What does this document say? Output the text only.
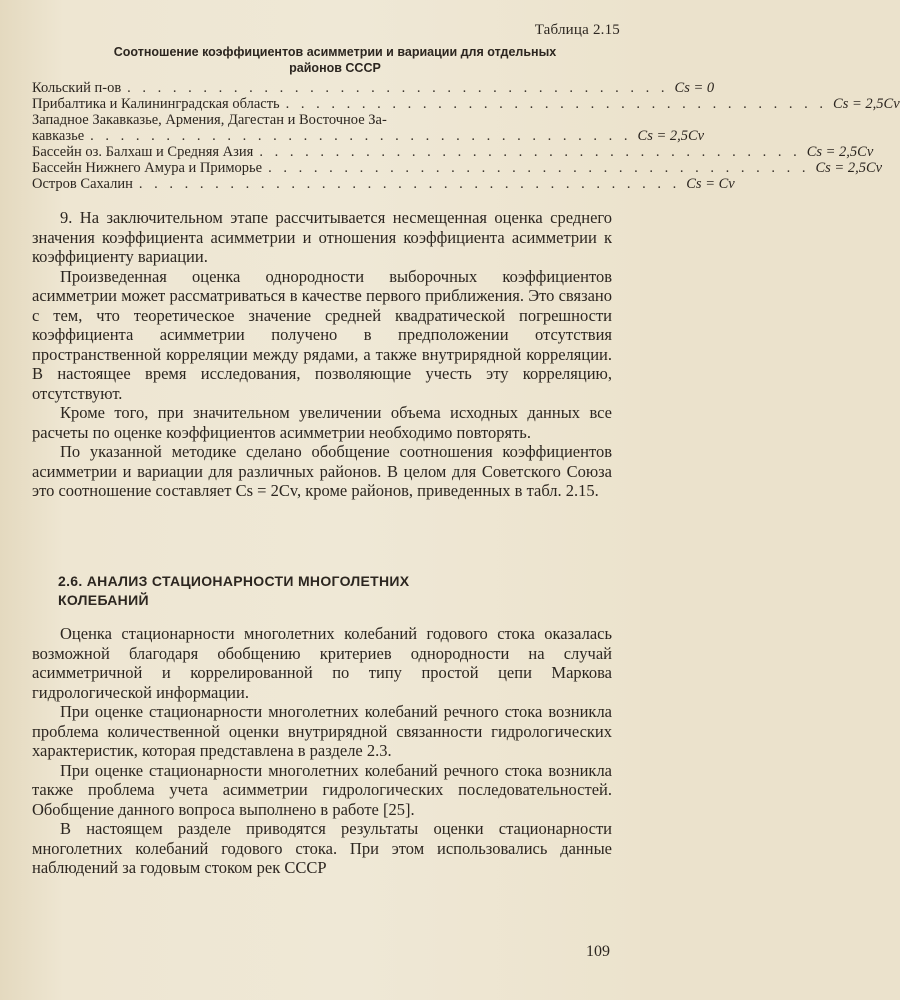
Таблица 2.15
Соотношение коэффициентов асимметрии и вариации для отдельных
районов СССР
Кольский п-ов . . . . . . . . . . . . . . . . . . . . . . . . . . . . . . . . . . . . Cs = 0
Прибалтика и Калининградская область . . . . . . . . . . . . . . . . . . . . . . . . . . . . . . . . . . . . Cs = 2,5Cv
Западное Закавказье, Армения, Дагестан и Восточное За-
кавказье . . . . . . . . . . . . . . . . . . . . . . . . . . . . . . . . . . . . Cs = 2,5Cv
Бассейн оз. Балхаш и Средняя Азия . . . . . . . . . . . . . . . . . . . . . . . . . . . . . . . . . . . . Cs = 2,5Cv
Бассейн Нижнего Амура и Приморье . . . . . . . . . . . . . . . . . . . . . . . . . . . . . . . . . . . . Cs = 2,5Cv
Остров Сахалин . . . . . . . . . . . . . . . . . . . . . . . . . . . . . . . . . . . . Cs = Cv

9. На заключительном этапе рассчитывается несмещенная оценка среднего значения коэффициента асимметрии и отношения коэффициента асимметрии к коэффициенту вариации.

Произведенная оценка однородности выборочных коэффициентов асимметрии может рассматриваться в качестве первого приближения. Это связано с тем, что теоретическое значение средней квадратической погрешности коэффициента асимметрии получено в предположении отсутствия пространственной корреляции между рядами, а также внутрирядной корреляции. В настоящее время исследования, позволяющие учесть эту корреляцию, отсутствуют.

Кроме того, при значительном увеличении объема исходных данных все расчеты по оценке коэффициентов асимметрии необходимо повторять.

По указанной методике сделано обобщение соотношения коэффициентов асимметрии и вариации для различных районов. В целом для Советского Союза это соотношение составляет Cs = 2Cv, кроме районов, приведенных в табл. 2.15.

2.6. АНАЛИЗ СТАЦИОНАРНОСТИ МНОГОЛЕТНИХ
КОЛЕБАНИЙ

Оценка стационарности многолетних колебаний годового стока оказалась возможной благодаря обобщению критериев однородности на случай асимметричной и коррелированной по типу простой цепи Маркова гидрологической информации.

При оценке стационарности многолетних колебаний речного стока возникла проблема количественной оценки внутрирядной связанности гидрологических характеристик, которая представлена в разделе 2.3.

При оценке стационарности многолетних колебаний речного стока возникла также проблема учета асимметрии гидрологических последовательностей. Обобщение данного вопроса выполнено в работе [25].

В настоящем разделе приводятся результаты оценки стационарности многолетних колебаний годового стока. При этом использовались данные наблюдений за годовым стоком рек СССР

109
